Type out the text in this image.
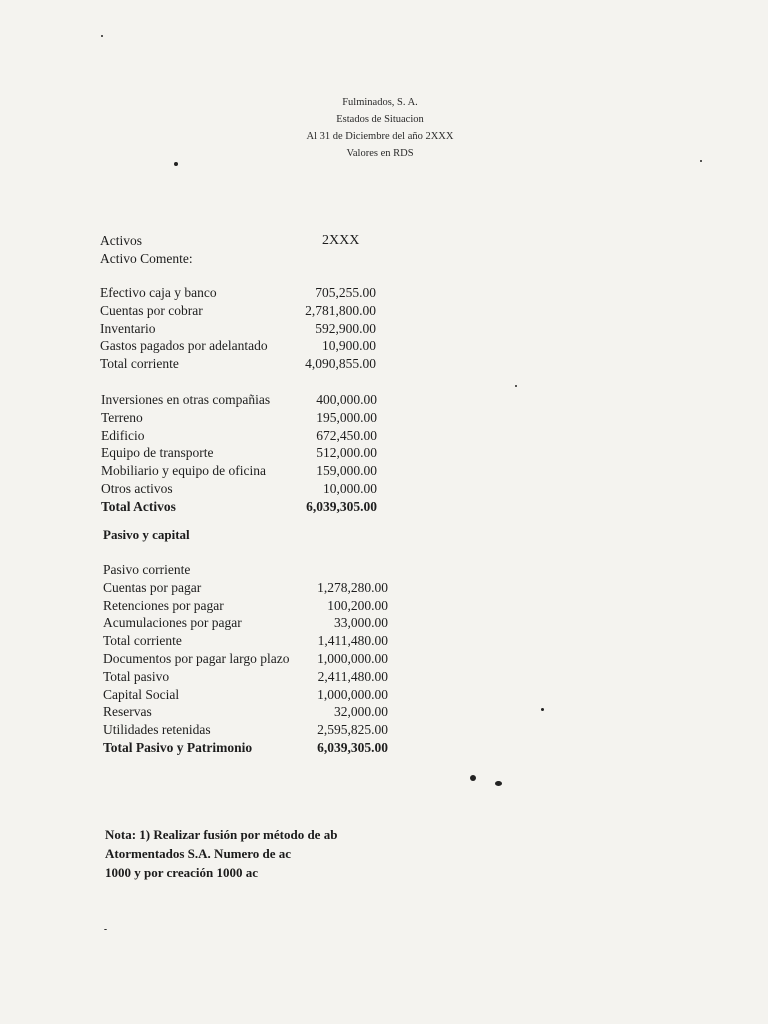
Fulminados, S. A.
Estados de Situacion
Al 31 de Diciembre del año 2XXX
Valores en RDS
Activos	2XXX
Activo Comente:
Efectivo caja y banco	705,255.00
Cuentas por cobrar	2,781,800.00
Inventario	592,900.00
Gastos pagados por adelantado	10,900.00
Total corriente	4,090,855.00
Inversiones en otras compañias	400,000.00
Terreno	195,000.00
Edificio	672,450.00
Equipo de transporte	512,000.00
Mobiliario y equipo de oficina	159,000.00
Otros activos	10,000.00
Total Activos	6,039,305.00
Pasivo y capital
Pasivo corriente
Cuentas por pagar	1,278,280.00
Retenciones por pagar	100,200.00
Acumulaciones por pagar	33,000.00
Total corriente	1,411,480.00
Documentos por pagar largo plazo	1,000,000.00
Total pasivo	2,411,480.00
Capital Social	1,000,000.00
Reservas	32,000.00
Utilidades retenidas	2,595,825.00
Total Pasivo y Patrimonio	6,039,305.00
Nota: 1) Realizar fusión por método de ab
Atormentados S.A. Numero de ac
1000 y por creación 1000 ac
